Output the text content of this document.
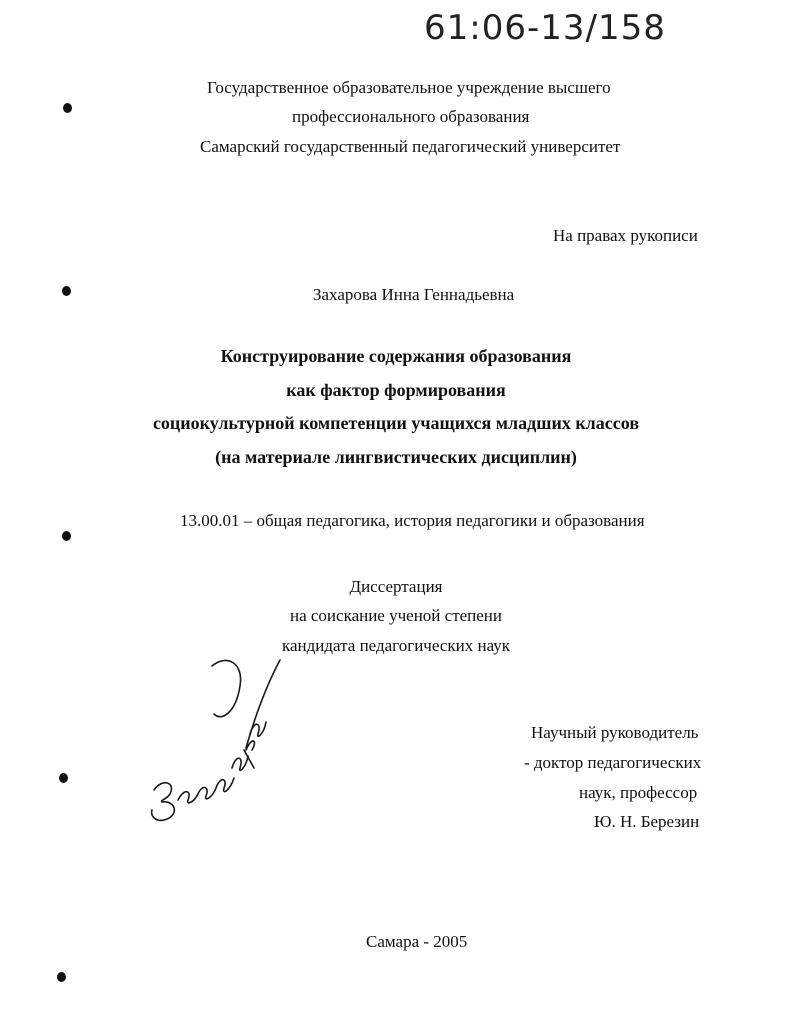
61:06-13/158
Государственное образовательное учреждение высшего
профессионального образования
Самарский государственный педагогический университет
На правах рукописи
Захарова Инна Геннадьевна
Конструирование содержания образования
как фактор формирования
социокультурной компетенции учащихся младших классов
(на материале лингвистических дисциплин)
13.00.01 – общая педагогика, история педагогики и образования
Диссертация
на соискание ученой степени
кандидата педагогических наук
Научный руководитель
- доктор педагогических
наук, профессор
Ю. Н. Березин
Самара - 2005
